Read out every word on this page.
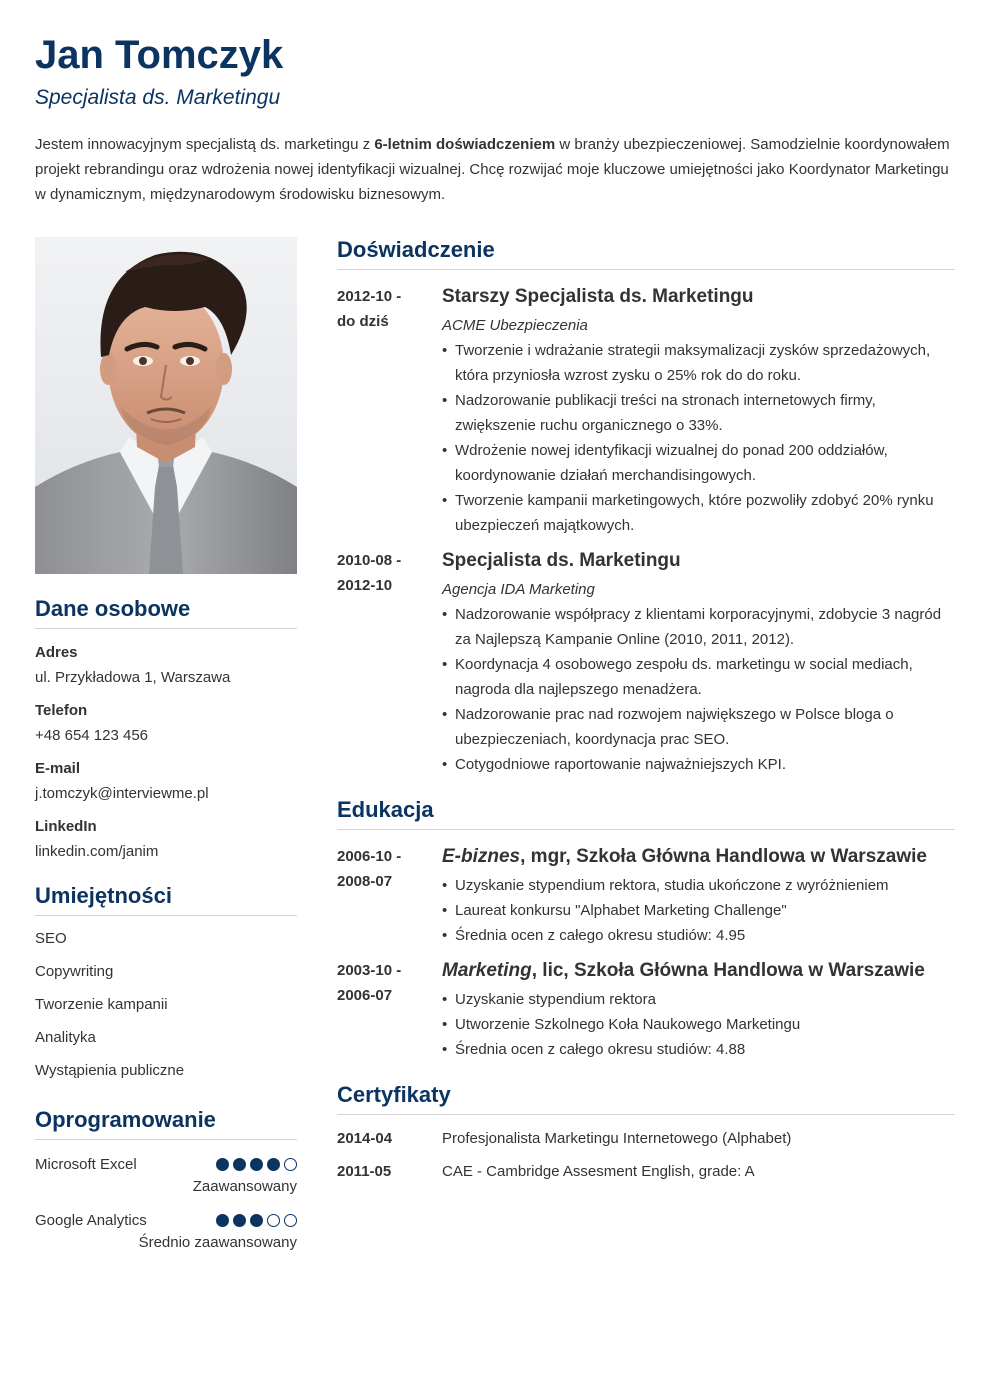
Jan Tomczyk
Specjalista ds. Marketingu

Jestem innowacyjnym specjalistą ds. marketingu z 6-letnim doświadczeniem w branży ubezpieczeniowej. Samodzielnie koordynowałem projekt rebrandingu oraz wdrożenia nowej identyfikacji wizualnej. Chcę rozwijać moje kluczowe umiejętności jako Koordynator Marketingu w dynamicznym, międzynarodowym środowisku biznesowym.

Dane osobowe
Adres
ul. Przykładowa 1, Warszawa
Telefon
+48 654 123 456
E-mail
j.tomczyk@interviewme.pl
LinkedIn
linkedin.com/janim
Umiejętności
SEO
Copywriting
Tworzenie kampanii
Analityka
Wystąpienia publiczne
Oprogramowanie
Microsoft Excel
Zaawansowany
Google Analytics
Średnio zaawansowany
Doświadczenie
2012-10 -
do dziś
Starszy Specjalista ds. Marketingu
ACME Ubezpieczenia
• Tworzenie i wdrażanie strategii maksymalizacji zysków sprzedażowych, która przyniosła wzrost zysku o 25% rok do do roku.
• Nadzorowanie publikacji treści na stronach internetowych firmy, zwiększenie ruchu organicznego o 33%.
• Wdrożenie nowej identyfikacji wizualnej do ponad 200 oddziałów, koordynowanie działań merchandisingowych.
• Tworzenie kampanii marketingowych, które pozwoliły zdobyć 20% rynku ubezpieczeń majątkowych.
2010-08 -
2012-10
Specjalista ds. Marketingu
Agencja IDA Marketing
• Nadzorowanie współpracy z klientami korporacyjnymi, zdobycie 3 nagród za Najlepszą Kampanie Online (2010, 2011, 2012).
• Koordynacja 4 osobowego zespołu ds. marketingu w social mediach, nagroda dla najlepszego menadżera.
• Nadzorowanie prac nad rozwojem największego w Polsce bloga o ubezpieczeniach, koordynacja prac SEO.
• Cotygodniowe raportowanie najważniejszych KPI.
Edukacja
2006-10 -
2008-07
E-biznes, mgr, Szkoła Główna Handlowa w Warszawie
• Uzyskanie stypendium rektora, studia ukończone z wyróżnieniem
• Laureat konkursu "Alphabet Marketing Challenge"
• Średnia ocen z całego okresu studiów: 4.95
2003-10 -
2006-07
Marketing, lic, Szkoła Główna Handlowa w Warszawie
• Uzyskanie stypendium rektora
• Utworzenie Szkolnego Koła Naukowego Marketingu
• Średnia ocen z całego okresu studiów: 4.88
Certyfikaty
2014-04	Profesjonalista Marketingu Internetowego (Alphabet)
2011-05	CAE - Cambridge Assesment English, grade: A
